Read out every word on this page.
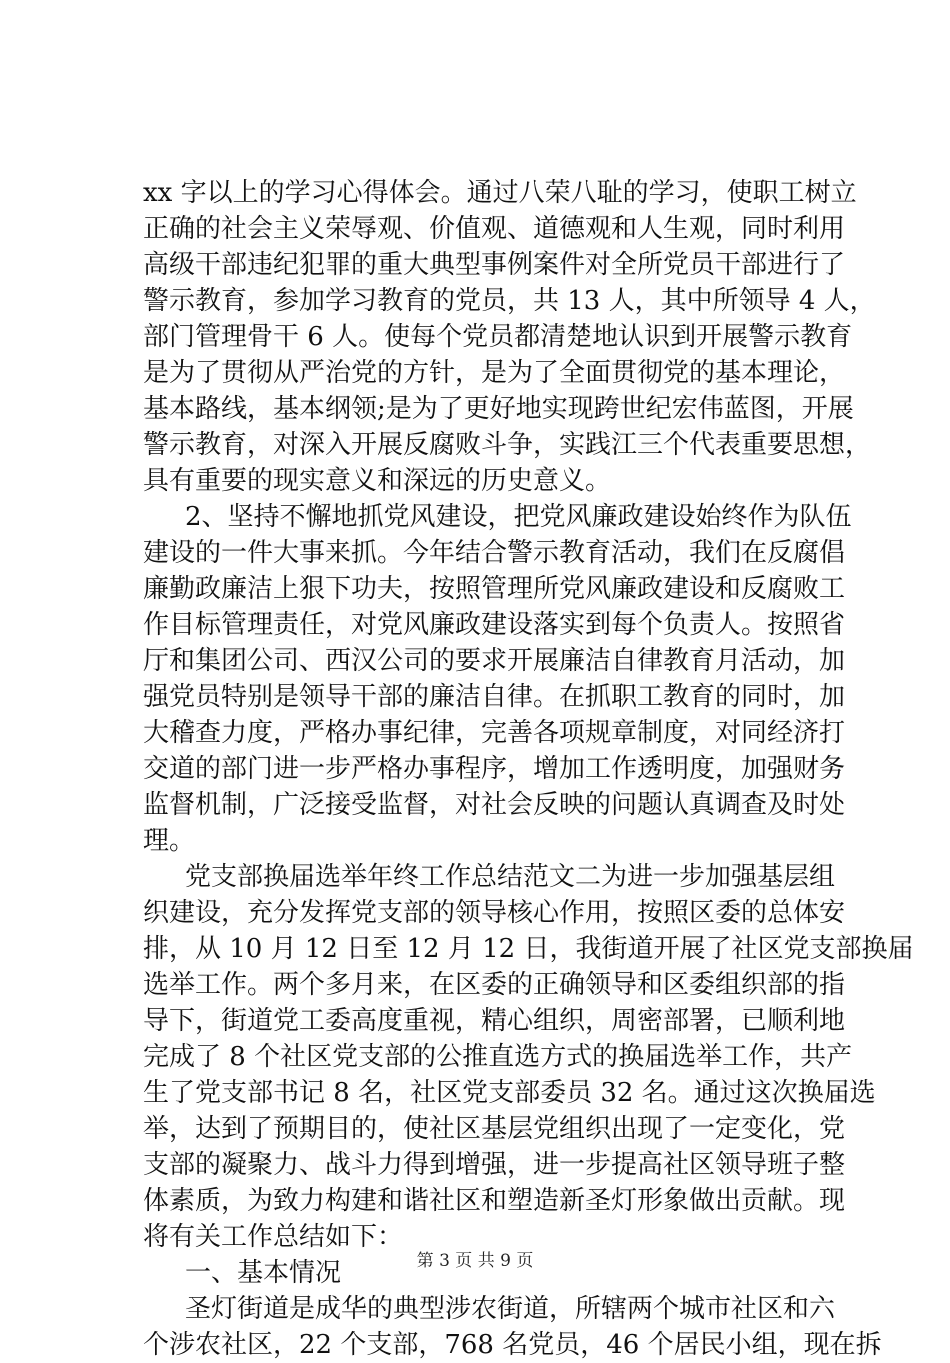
xx 字以上的学习心得体会。通过八荣八耻的学习，使职工树立
正确的社会主义荣辱观、价值观、道德观和人生观，同时利用
高级干部违纪犯罪的重大典型事例案件对全所党员干部进行了
警示教育，参加学习教育的党员，共 13 人，其中所领导 4 人，
部门管理骨干 6 人。使每个党员都清楚地认识到开展警示教育
是为了贯彻从严治党的方针，是为了全面贯彻党的基本理论，
基本路线，基本纲领;是为了更好地实现跨世纪宏伟蓝图，开展
警示教育，对深入开展反腐败斗争，实践江三个代表重要思想，
具有重要的现实意义和深远的历史意义。
2、坚持不懈地抓党风建设，把党风廉政建设始终作为队伍
建设的一件大事来抓。今年结合警示教育活动，我们在反腐倡
廉勤政廉洁上狠下功夫，按照管理所党风廉政建设和反腐败工
作目标管理责任，对党风廉政建设落实到每个负责人。按照省
厅和集团公司、西汉公司的要求开展廉洁自律教育月活动，加
强党员特别是领导干部的廉洁自律。在抓职工教育的同时，加
大稽查力度，严格办事纪律，完善各项规章制度，对同经济打
交道的部门进一步严格办事程序，增加工作透明度，加强财务
监督机制，广泛接受监督，对社会反映的问题认真调查及时处
理。
党支部换届选举年终工作总结范文二为进一步加强基层组
织建设，充分发挥党支部的领导核心作用，按照区委的总体安
排，从 10 月 12 日至 12 月 12 日，我街道开展了社区党支部换届
选举工作。两个多月来，在区委的正确领导和区委组织部的指
导下，街道党工委高度重视，精心组织，周密部署，已顺利地
完成了 8 个社区党支部的公推直选方式的换届选举工作，共产
生了党支部书记 8 名，社区党支部委员 32 名。通过这次换届选
举，达到了预期目的，使社区基层党组织出现了一定变化，党
支部的凝聚力、战斗力得到增强，进一步提高社区领导班子整
体素质，为致力构建和谐社区和塑造新圣灯形象做出贡献。现
将有关工作总结如下：
一、基本情况
圣灯街道是成华的典型涉农街道，所辖两个城市社区和六
个涉农社区，22 个支部，768 名党员，46 个居民小组，现在拆
第 3 页 共 9 页
